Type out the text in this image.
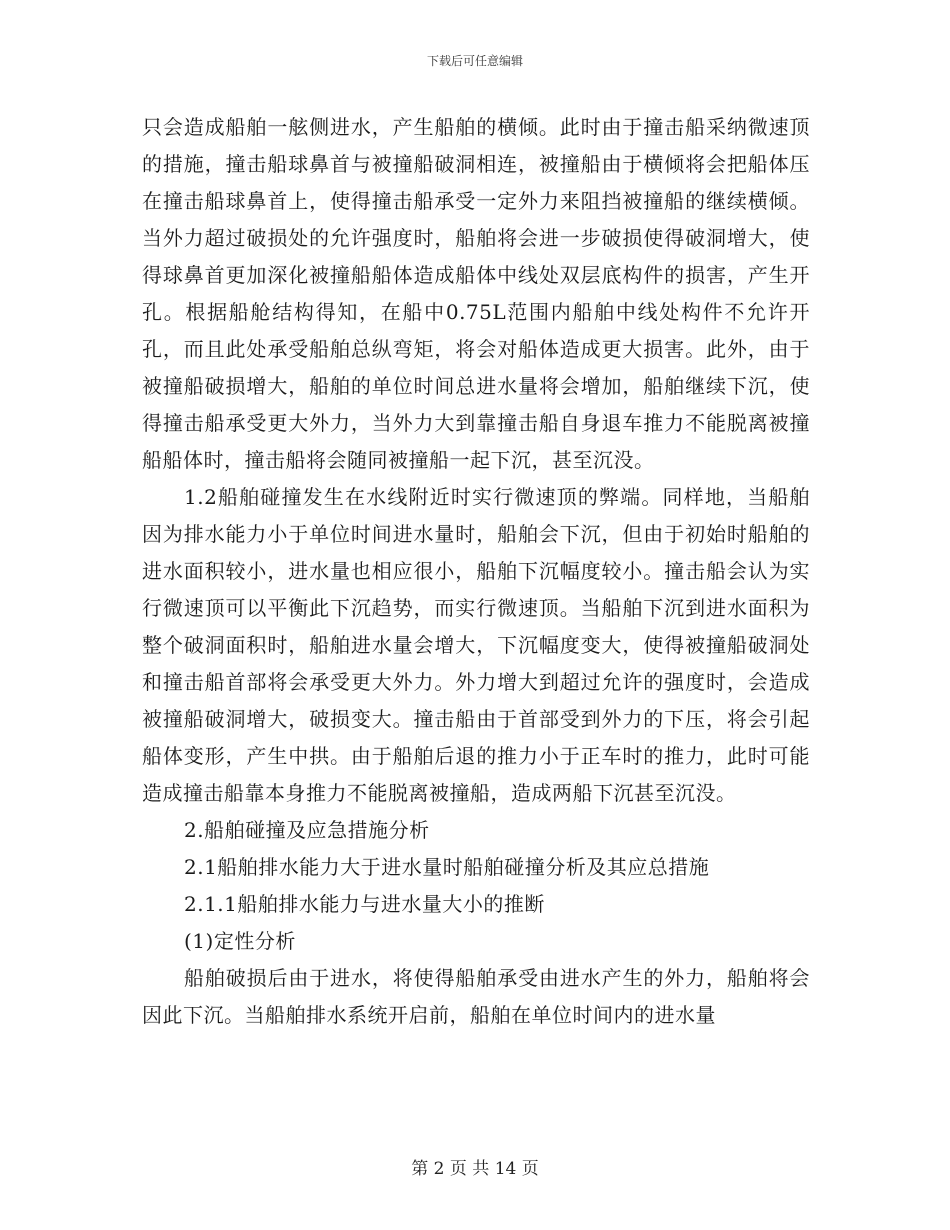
下载后可任意编辑

只会造成船舶一舷侧进水，产生船舶的横倾。此时由于撞击船采纳微速顶的措施，撞击船球鼻首与被撞船破洞相连，被撞船由于横倾将会把船体压在撞击船球鼻首上，使得撞击船承受一定外力来阻挡被撞船的继续横倾。当外力超过破损处的允许强度时，船舶将会进一步破损使得破洞增大，使得球鼻首更加深化被撞船船体造成船体中线处双层底构件的损害，产生开孔。根据船舱结构得知，在船中0.75L范围内船舶中线处构件不允许开孔，而且此处承受船舶总纵弯矩，将会对船体造成更大损害。此外，由于被撞船破损增大，船舶的单位时间总进水量将会增加，船舶继续下沉，使得撞击船承受更大外力，当外力大到靠撞击船自身退车推力不能脱离被撞船船体时，撞击船将会随同被撞船一起下沉，甚至沉没。

1.2船舶碰撞发生在水线附近时实行微速顶的弊端。同样地，当船舶因为排水能力小于单位时间进水量时，船舶会下沉，但由于初始时船舶的进水面积较小，进水量也相应很小，船舶下沉幅度较小。撞击船会认为实行微速顶可以平衡此下沉趋势，而实行微速顶。当船舶下沉到进水面积为整个破洞面积时，船舶进水量会增大，下沉幅度变大，使得被撞船破洞处和撞击船首部将会承受更大外力。外力增大到超过允许的强度时，会造成被撞船破洞增大，破损变大。撞击船由于首部受到外力的下压，将会引起船体变形，产生中拱。由于船舶后退的推力小于正车时的推力，此时可能造成撞击船靠本身推力不能脱离被撞船，造成两船下沉甚至沉没。

2.船舶碰撞及应急措施分析

2.1船舶排水能力大于进水量时船舶碰撞分析及其应总措施

2.1.1船舶排水能力与进水量大小的推断

(1)定性分析

船舶破损后由于进水，将使得船舶承受由进水产生的外力，船舶将会因此下沉。当船舶排水系统开启前，船舶在单位时间内的进水量

第 2 页 共 14 页
